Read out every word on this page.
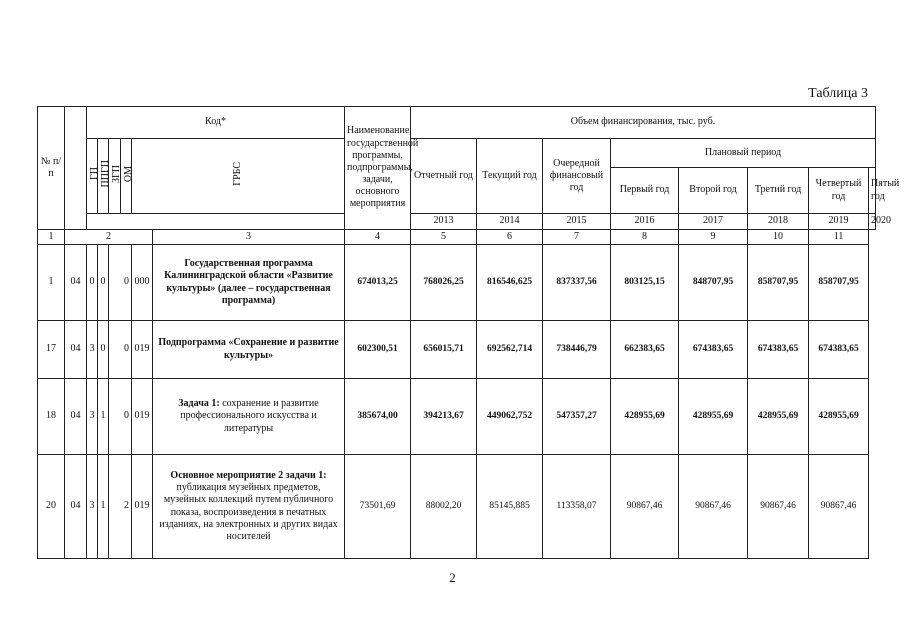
Таблица 3
№ п/п		Код*						Наименование государственной программы, подпрограммы, задачи, основного мероприятия	Объем финансирования, тыс. руб.							
		ГП	ППГП	ЗГП	ОМ	ГРБС			Отчетный год	Текущий год	Очередной финансовый год	Плановый период				
												Первый год	Второй год	Третий год	Четвертый год	Пятый год
									2013	2014	2015	2016	2017	2018	2019	2020
1	2						3	4	5	6	7	8	9	10	11	
1	04	0	0	0		000	Государственная программа Калининградской области «Развитие культуры» (далее – государственная программа)	674013,25	768026,25	816546,625	837337,56	803125,15	848707,95	858707,95	858707,95	
17	04	3	0	0		019	Подпрограмма «Сохранение и развитие культуры»	602300,51	656015,71	692562,714	738446,79	662383,65	674383,65	674383,65	674383,65	
18	04	3	1	0		019	Задача 1: сохранение и развитие профессионального искусства и литературы	385674,00	394213,67	449062,752	547357,27	428955,69	428955,69	428955,69	428955,69	
20	04	3	1	2		019	Основное мероприятие 2 задачи 1: публикация музейных предметов, музейных коллекций путем публичного показа, воспроизведения в печатных изданиях, на электронных и других видах носителей	73501,69	88002,20	85145,885	113358,07	90867,46	90867,46	90867,46	90867,46	
2
